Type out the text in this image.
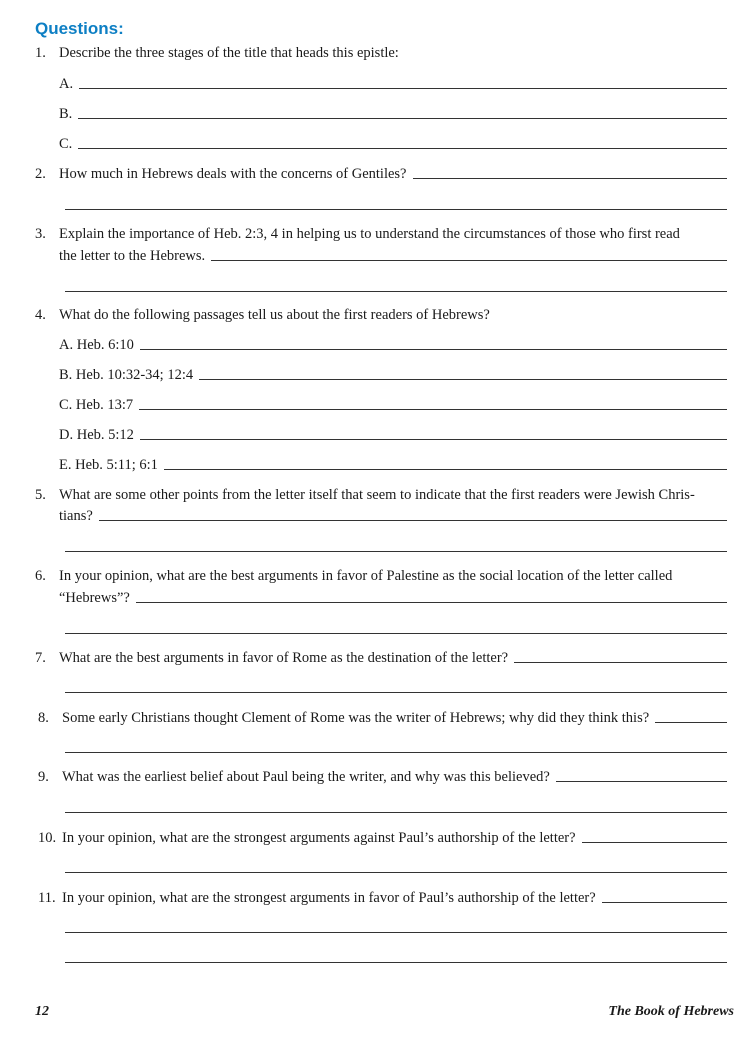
Questions:
1. Describe the three stages of the title that heads this epistle:
A.
B.
C.
2. How much in Hebrews deals with the concerns of Gentiles?
3. Explain the importance of Heb. 2:3, 4 in helping us to understand the circumstances of those who first read
the letter to the Hebrews.
4. What do the following passages tell us about the first readers of Hebrews?
A. Heb. 6:10
B. Heb. 10:32-34; 12:4
C. Heb. 13:7
D. Heb. 5:12
E. Heb. 5:11; 6:1
5. What are some other points from the letter itself that seem to indicate that the first readers were Jewish Chris-
tians?
6. In your opinion, what are the best arguments in favor of Palestine as the social location of the letter called
“Hebrews”?
7. What are the best arguments in favor of Rome as the destination of the letter?
8. Some early Christians thought Clement of Rome was the writer of Hebrews; why did they think this?
9. What was the earliest belief about Paul being the writer, and why was this believed?
10. In your opinion, what are the strongest arguments against Paul’s authorship of the letter?
11. In your opinion, what are the strongest arguments in favor of Paul’s authorship of the letter?
12	The Book of Hebrews
